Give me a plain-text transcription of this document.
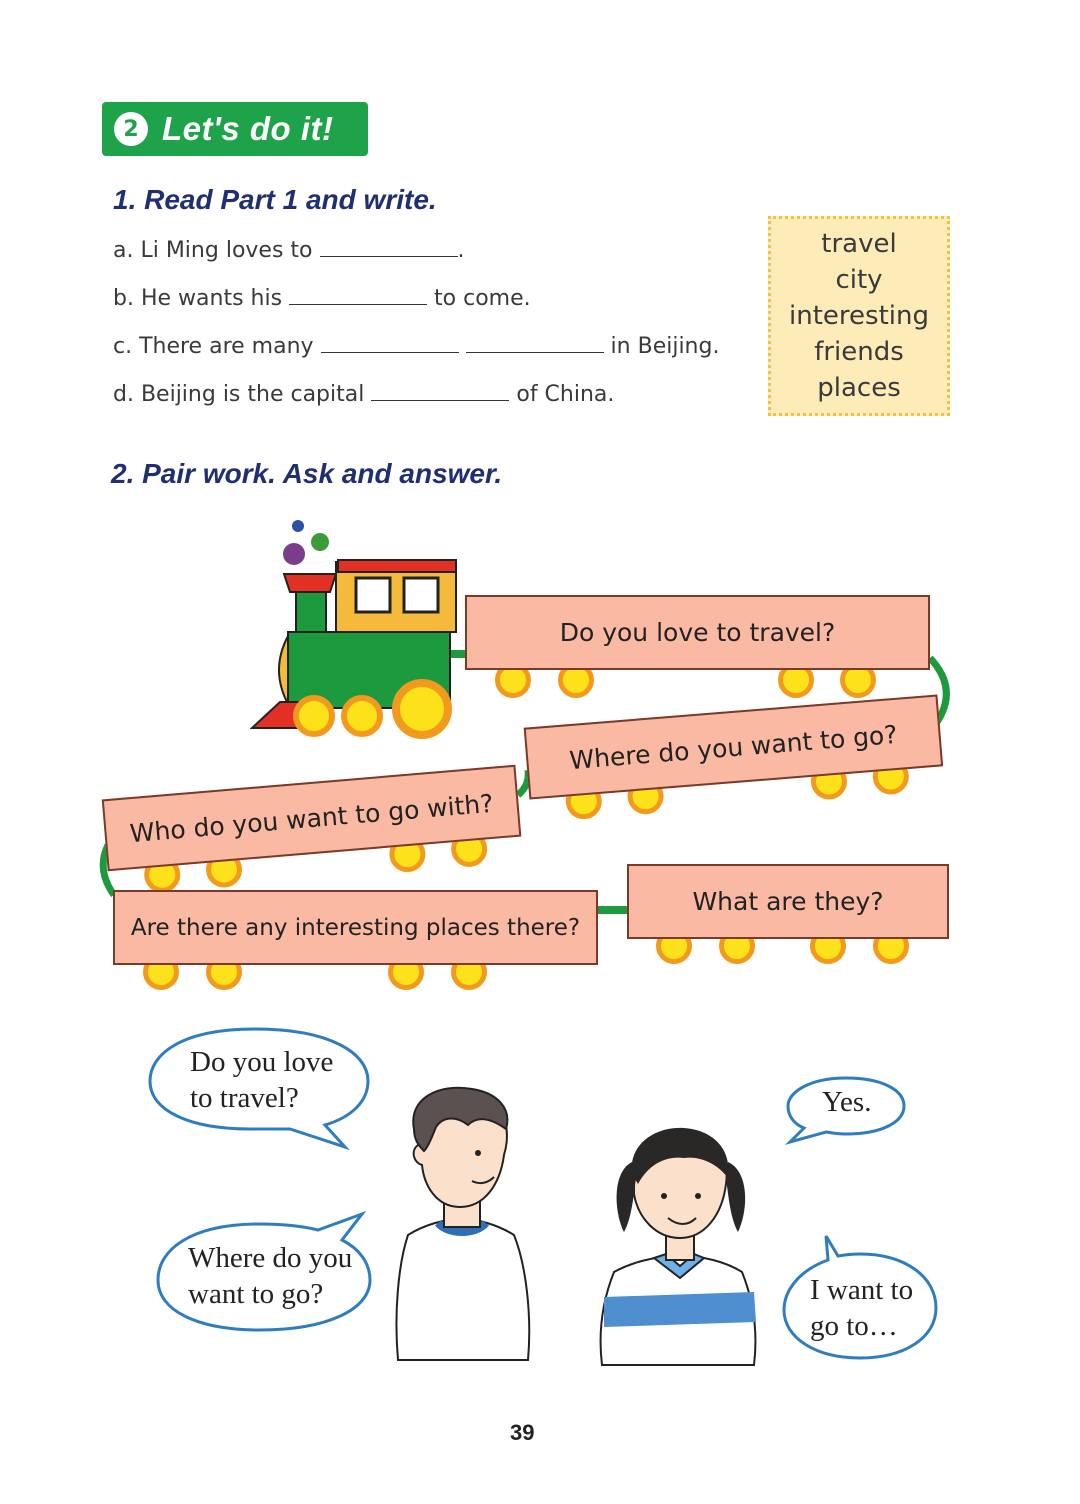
2 Let's do it!
1. Read Part 1 and write.
a. Li Ming loves to	.
b. He wants his	to come.
c. There are many	in Beijing.
d. Beijing is the capital	of China.
travel
city
interesting
friends
places
2. Pair work. Ask and answer.
Do you love to travel?
Where do you want to go?
Who do you want to go with?
Are there any interesting places there?
What are they?
Do you love
to travel?
Where do you
want to go?
Yes.
I want to
go to…
39
